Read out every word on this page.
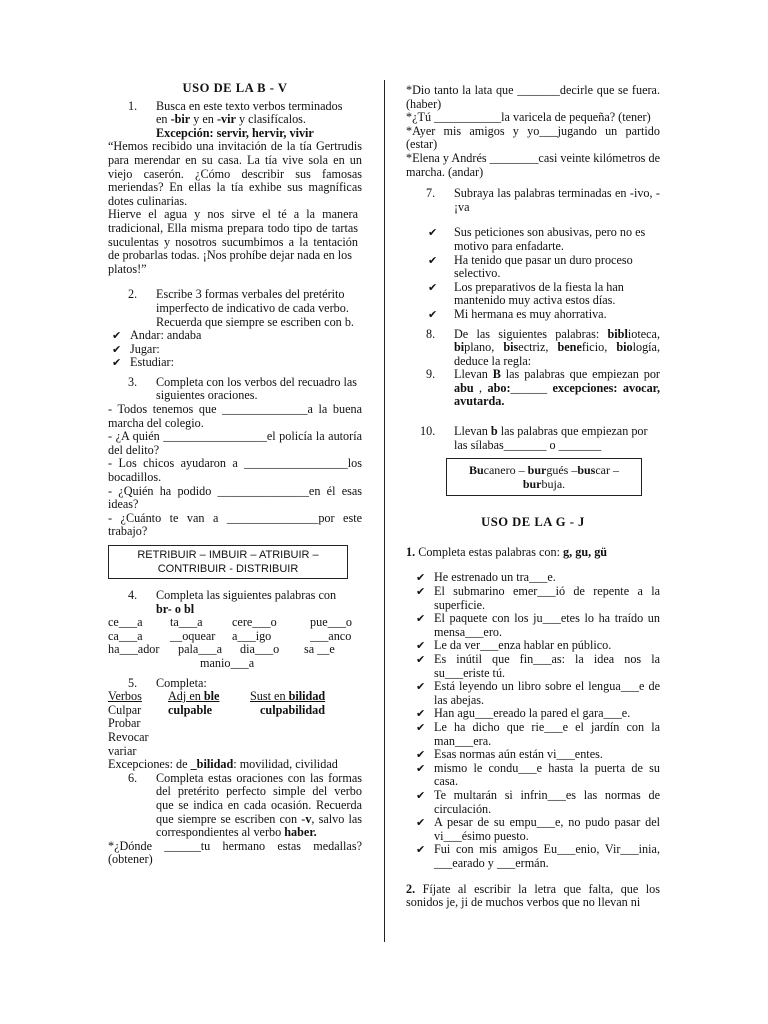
USO DE LA B - V

1. Busca en este texto verbos terminados

en -bir y en -vir y clasifícalos.

Excepción: servir, hervir, vivir

“Hemos recibido una invitación de la tía Gertrudis para merendar en su casa. La tía vive sola en un viejo caserón. ¿Cómo describir sus famosas meriendas? En ellas la tía exhibe sus magníficas dotes culinarias.

Hierve el agua y nos sirve el té a la manera tradicional, Ella misma prepara todo tipo de tartas suculentas y nosotros sucumbimos a la tentación de probarlas todas. ¡Nos prohíbe dejar nada en los

platos!”

2. Escribe 3 formas verbales del pretérito imperfecto de indicativo de cada verbo. Recuerda que siempre se escriben con b.

✔ Andar: andaba
✔ Jugar:
✔ Estudiar:
3. Completa con los verbos del recuadro las siguientes oraciones.

- Todos tenemos que ______________a la buena marcha del colegio.

- ¿A quién _________________el policía la autoría del delito?

- Los chicos ayudaron a _________________los bocadillos.

- ¿Quién ha podido _______________en él esas ideas?

- ¿Cuánto te van a _______________por este trabajo?

RETRIBUIR – IMBUIR – ATRIBUIR –
CONTRIBUIR - DISTRIBUIR
4. Completa las siguientes palabras con

br- o bl

ce___a	ta___a	cere___o	pue___o
ca___a	__oquear	a___igo	___anco
ha___ador	pala___a	dia___o	sa __e

manio___a

5. Completa:

Verbos	Adj en ble	Sust en bilidad
Culpar	culpable	culpabilidad
Probar		
Revocar		
variar		

Excepciones: de _bilidad: movilidad, civilidad

6. Completa estas oraciones con las formas del pretérito perfecto simple del verbo que se indica en cada ocasión. Recuerda que siempre se escriben con -v, salvo las correspondientes al verbo haber.

*¿Dónde ______tu hermano estas medallas? (obtener)

*Dio tanto la lata que _______decirle que se fuera. (haber)

*¿Tú ___________la varicela de pequeña? (tener)

*Ayer mis amigos y yo___jugando un partido (estar)

*Elena y Andrés ________casi veinte kilómetros de marcha. (andar)

7. Subraya las palabras terminadas en -ivo, -¡va

✔ Sus peticiones son abusivas, pero no es motivo para enfadarte.
✔ Ha tenido que pasar un duro proceso selectivo.
✔ Los preparativos de la fiesta la han mantenido muy activa estos días.
✔ Mi hermana es muy ahorrativa.
8. De las siguientes palabras: biblioteca, biplano, bisectriz, beneficio, biología, deduce la regla:

9. Llevan B las palabras que empiezan por abu , abo:______ excepciones: avocar, avutarda.

10. Llevan b las palabras que empiezan por las sílabas_______ o _______

Bucanero – burgués –buscar – burbuja.

USO DE LA G - J

1. Completa estas palabras con: g, gu, gü

✔ He estrenado un tra___e.
✔ El submarino emer___ió de repente a la superficie.
✔ El paquete con los ju___etes lo ha traído un mensa___ero.
✔ Le da ver___enza hablar en público.
✔ Es inútil que fin___as: la idea nos la su___eriste tú.
✔ Está leyendo un libro sobre el lengua___e de las abejas.
✔ Han agu___ereado la pared el gara___e.
✔ Le ha dicho que rie___e el jardín con la man___era.
✔ Esas normas aún están vi___entes.
✔ mismo le condu___e hasta la puerta de su casa.
✔ Te multarán si infrin___es las normas de circulación.
✔ A pesar de su empu___e, no pudo pasar del vi___ésimo puesto.
✔ Fui con mis amigos Eu___enio, Vir___inia, ___earado y ___ermán.

2. Fíjate al escribir la letra que falta, que los sonidos je, ji de muchos verbos que no llevan ni
